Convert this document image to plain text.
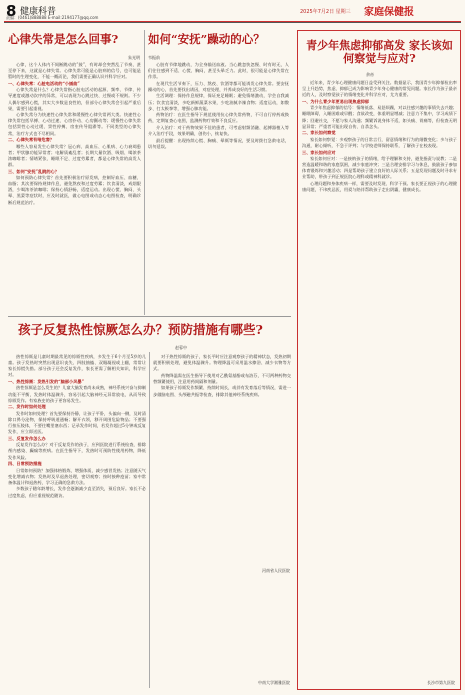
8 健康科普	2025年7月2日 星期三 家庭保健报
责编：(0461)888888 E-mail:2194177@qq.com
心律失常是怎么回事?
朱光明

心律，这个人体内不间断跳动的“鼓”，有时却会突然乱了节奏，甚至停下来，这就是心律失常。心律失常可能是心脏病的信号，也可能是暂时的生理变化，不能一概而论，我们需要正确认识并科学应对。

一、心律失常：心脏电活动的“小插曲”

心律失常是什么？心律失常指心脏电活动的起源、频率、节律、传导速度或激动次序的异常，可以表现为心跳过快、过慢或不规则。不少人偶尔感到心慌，其实大多数是良性的，但部分心律失常会引起严重后果，需要引起重视。

心律失常分为快速性心律失常和缓慢性心律失常两大类。快速性心律失常包括早搏、心动过速、心房扑动、心房颤动等；缓慢性心律失常包括窦性心动过缓、窦性停搏、房室传导阻滞等。不同类型的心律失常，治疗方式也不尽相同。

二、心律失常有啥危害？

哪些人容易发生心律失常？冠心病、高血压、心肌病、心力衰竭患者；甲状腺功能异常者；电解质紊乱者；长期大量饮酒、吸烟、喝浓茶浓咖啡者；情绪紧张、睡眠不足、过度劳累者，都是心律失常的高发人群。

三、如何“安抚”乱跳的心？

如何预防心律失常？首先要积极治疗原发病，控制好血压、血糖、血脂；其次要保持规律作息，避免熬夜和过度劳累；饮食清淡，戒烟限酒，少喝浓茶浓咖啡；保持心情舒畅，适度运动。出现心慌、胸闷、头晕、黑蒙等症状时，应及时就医，做心电图或动态心电图检查，明确诊断后规范治疗。

如何“安抚”躁动的心？
韦振前

心脏有节律地跳动，为全身输送血液。当心跳忽快忽慢、时有时无，人们往往感到不适、心慌、胸闷，甚至头晕乏力。此时，很可能是心律失常在作祟。

在现代生活节奏下，压力、熬夜、饮酒等都可能诱发心律失常。要安抚躁动的心，首先要找出诱因，对症处理，并养成良好的生活习惯。

生活调理：保持作息规律，保证充足睡眠；避免情绪激动，学会自我减压；饮食宜清淡，多吃新鲜蔬菜水果，少吃油腻辛辣食物；适度运动，如散步、打太极拳等，增强心肺功能。

药物治疗：在医生指导下规范使用抗心律失常药物，不可自行停药或换药，定期复查心电图，监测药物疗效和不良反应。

介入治疗：对于药物效果不佳的患者，可考虑射频消融、起搏器植入等介入治疗手段，效果明确，创伤小，恢复快。

最后提醒：出现持续心慌、胸痛、晕厥等情况，要及时拨打急救电话，切勿延误。

青少年焦虑抑郁高发 家长该如何察觉与应对?
余帝

近年来，青少年心理健康问题日益受到关注。数据显示，我国青少年抑郁检出率呈上升趋势，焦虑、抑郁已成为影响青少年身心健康的常见问题。家长作为孩子最亲近的人，及时察觉孩子的情绪变化并科学应对，尤为重要。

一、为什么青少年更易出现焦虑抑郁

青少年焦虑抑郁的信号：情绪低落、易怒烦躁，对以往感兴趣的事情失去兴趣；睡眠障碍，入睡困难或早醒；食欲改变，体重明显增减；注意力不集中，学习成绩下降；回避社交，不愿与家人沟通；频繁诉说身体不适，如头痛、胃痛等，但检查无明显异常；严重者可能出现自伤、自杀念头。

二、家长如何察觉

家长如何察觉：多观察孩子的日常言行，留意情绪和行为的细微变化；多与孩子沟通，耐心倾听，不急于评判；与学校老师保持联系，了解孩子在校表现。

三、家长如何应对

家长如何应对：一是接纳孩子的情绪，给予理解和支持，避免指责与说教；二是营造温暖和谐的家庭氛围，减少家庭冲突；三是合理安排学习与休息，鼓励孩子参加体育锻炼和兴趣活动；四是帮助孩子建立良好的人际关系；五是发现问题及时寻求专业帮助，带孩子到正规医院心理科或精神科就诊。

心理问题和身体疾病一样，需要及时发现、科学干预。家长要正视孩子的心理健康问题，不讳疾忌医，用爱与陪伴帮助孩子走出阴霾，健康成长。

长沙市第九医院
孩子反复热性惊厥怎么办？预防措施有哪些?
赵蓉中

热性惊厥是儿童时期最常见的惊厥性疾病，多发生于6个月至5岁的儿童。孩子发热时突然出现意识丧失、四肢抽搐、双眼凝视或上翻，常常让家长惊慌失措。部分孩子还会反复发作，家长更需了解相关知识，科学应对。

一、热性惊厥：发热引发的“脑部小风暴”

热性惊厥是怎么发生的？儿童大脑发育尚未成熟，神经系统兴奋与抑制功能不平衡，发热时体温骤升，容易引起大脑神经元异常放电，从而导致惊厥发作。有家族史的孩子更容易发生。

二、发作时如何处理

发作时如何处理？首先要保持冷静，让孩子平卧，头偏向一侧，及时清除口鼻分泌物，保持呼吸道通畅；解开衣领，移开周围危险物品；不要强行按压肢体，不要往嘴里塞东西；记录发作时间，若发作超过5分钟或反复发作，应立即送医。

三、反复发作怎么办

反复发作怎么办？对于反复发作的孩子，应到医院进行系统检查，排除颅内感染、癫痫等疾病。在医生指导下，发热时可预防性使用药物，降低发作风险。

四、日常预防措施

日常如何预防？加强体格锻炼，增强体质，减少感冒发热；注意随天气变化增减衣物；发热时及早退热处理，密切观察；按时接种疫苗；家中常备体温计和退热药，学习正确的急救方法。

多数孩子随年龄增长，发作会逐渐减少直至消失，预后良好。家长不必过度焦虑，但应重视规范随访。

对于热性惊厥的孩子，家长平时应注意观察孩子的精神状态，发热初期就要积极处理，避免体温骤升。物理降温可采用温水擦浴、减少衣物等方式。

药物降温需在医生指导下使用对乙酰氨基酚或布洛芬，不可两种药物交替频繁使用，注意用药间隔和剂量。

如果孩子惊厥发作频繁、持续时间长，或伴有发育落后等情况，需进一步做脑电图、头颅磁共振等检查，排除其他神经系统疾病。

河南省人民医院
中南大学湘雅医院
